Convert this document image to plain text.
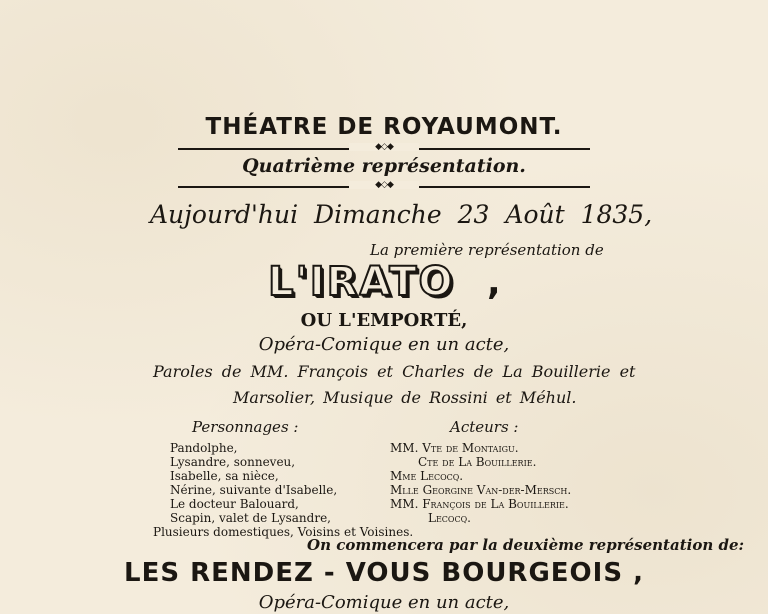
THÉATRE DE ROYAUMONT.
◆◇◆
Quatrième représentation.
◆◇◆
Aujourd'hui Dimanche 23 Août 1835,
La première représentation de
L'IRATO ,
OU L'EMPORTÉ,
Opéra-Comique en un acte,
Paroles de MM. François et Charles de La Bouillerie et
Marsolier, Musique de Rossini et Méhul.
Personnages :	Acteurs :
Pandolphe,
Lysandre, sonneveu,
Isabelle, sa nièce,
Nérine, suivante d'Isabelle,
Le docteur Balouard,
Scapin, valet de Lysandre,
Plusieurs domestiques, Voisins et Voisines.
MM. Vte de Montaigu.
Cte de La Bouillerie.
Mme Lecocq.
Mlle Georgine Van-der-Mersch.
MM. François de La Bouillerie.
Lecocq.
On commencera par la deuxième représentation de:
LES RENDEZ - VOUS BOURGEOIS ,
Opéra-Comique en un acte,
